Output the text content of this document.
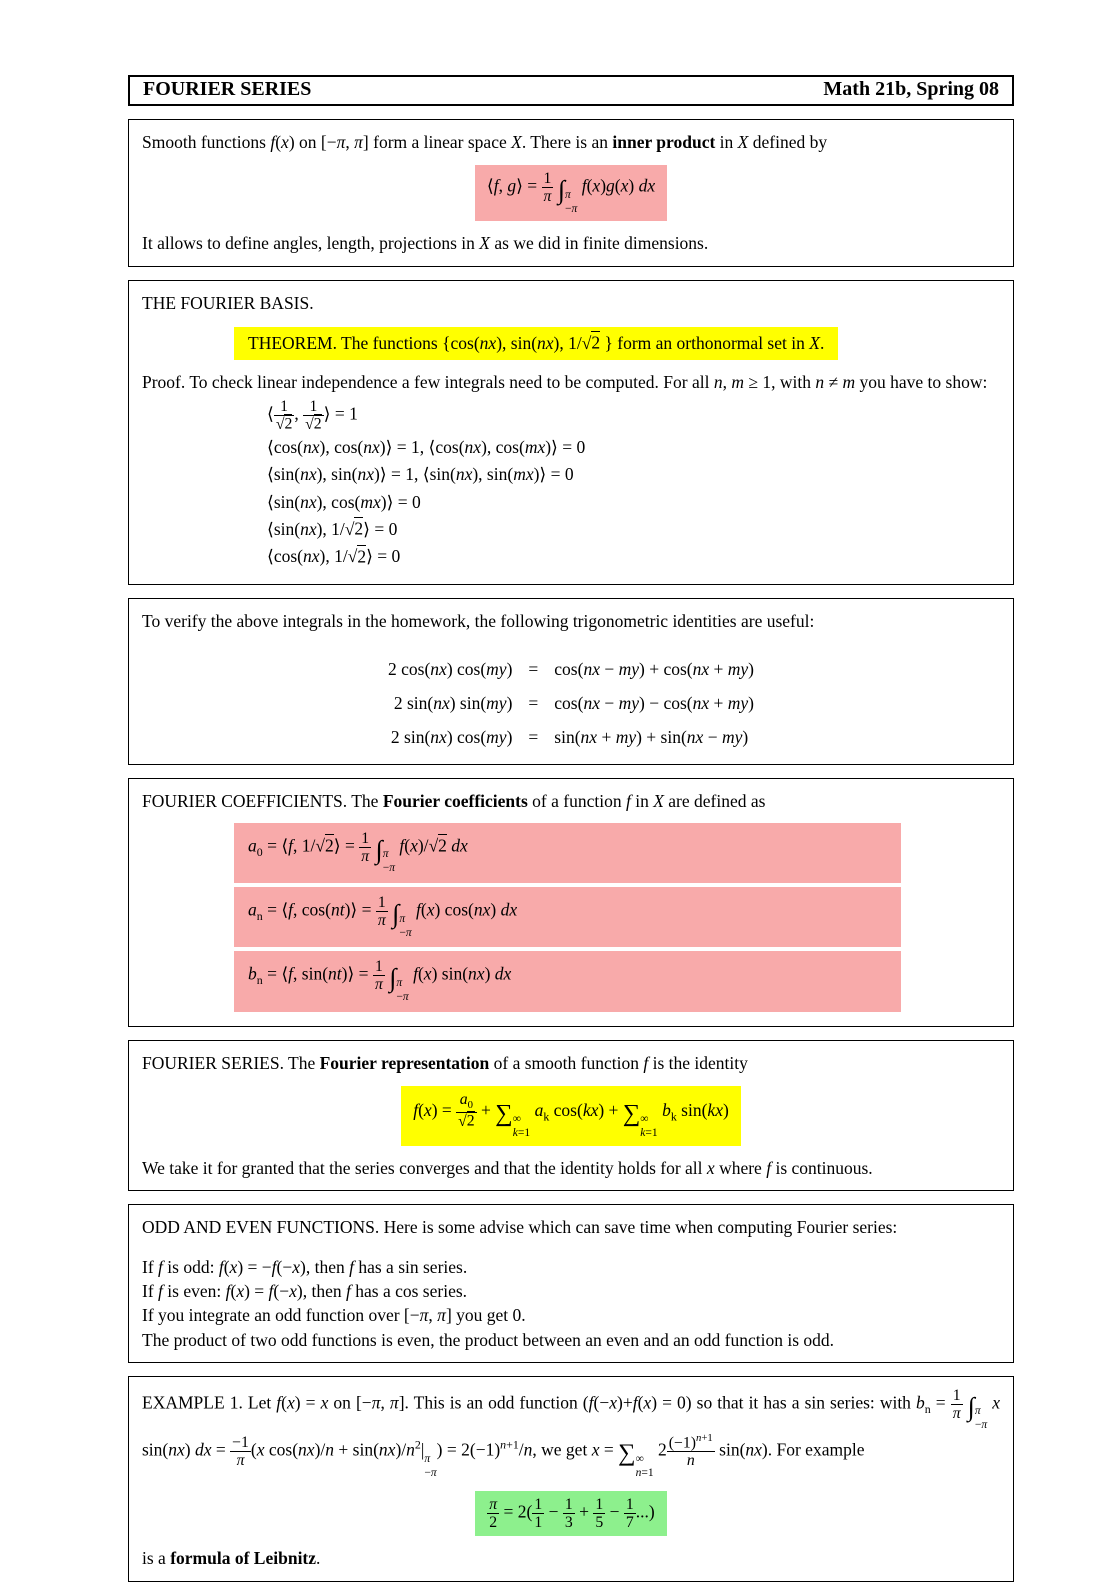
FOURIER SERIES	Math 21b, Spring 08

Smooth functions f(x) on [−π, π] form a linear space X. There is an inner product in X defined by

⟨f, g⟩ = $\frac{1}{\pi}$ ∫ π
−π
f(x)g(x) dx

It allows to define angles, length, projections in X as we did in finite dimensions.

THE FOURIER BASIS.

THEOREM. The functions {cos(nx), sin(nx), 1/√2 } form an orthonormal set in X.

Proof. To check linear independence a few integrals need to be computed. For all n, m ≥ 1, with n ≠ m you have to show:

⟨ $\frac{1}{√2}$ , $\frac{1}{√2}$ ⟩ = 1
⟨cos(nx), cos(nx)⟩ = 1, ⟨cos(nx), cos(mx)⟩ = 0
⟨sin(nx), sin(nx)⟩ = 1, ⟨sin(nx), sin(mx)⟩ = 0
⟨sin(nx), cos(mx)⟩ = 0
⟨sin(nx), 1/√2⟩ = 0
⟨cos(nx), 1/√2⟩ = 0

To verify the above integrals in the homework, the following trigonometric identities are useful:

2 cos(nx) cos(my) = cos(nx − my) + cos(nx + my)
2 sin(nx) sin(my) = cos(nx − my) − cos(nx + my)
2 sin(nx) cos(my) = sin(nx + my) + sin(nx − my)

FOURIER COEFFICIENTS. The Fourier coefficients of a function f in X are defined as

$a_0$ = ⟨f, 1/√2⟩ = $\frac{1}{\pi}$ ∫ π
−π
f(x)/√2 dx
$a_n$ = ⟨f, cos(nt)⟩ = $\frac{1}{\pi}$ ∫ π
−π
f(x) cos(nx) dx
$b_n$ = ⟨f, sin(nt)⟩ = $\frac{1}{\pi}$ ∫ π
−π
f(x) sin(nx) dx

FOURIER SERIES. The Fourier representation of a smooth function f is the identity

$f(x) = \frac{a_0}{√2}$ + ∑ ∞
k=1
$a_k$ cos(kx) + ∑ ∞
k=1
$b_k$ sin(kx)

We take it for granted that the series converges and that the identity holds for all x where f is continuous.

ODD AND EVEN FUNCTIONS. Here is some advise which can save time when computing Fourier series:

If f is odd: f(x) = −f(−x), then f has a sin series.

If f is even: f(x) = f(−x), then f has a cos series.

If you integrate an odd function over [−π, π] you get 0.

The product of two odd functions is even, the product between an even and an odd function is odd.

EXAMPLE 1. Let f(x) = x on [−π, π]. This is an odd function (f(−x)+f(x) = 0) so that it has a sin series: with $b_n = \frac{1}{\pi}$ ∫ π
−π
x sin(nx) dx = $\frac{-1}{\pi} (x$ $\cos(nx)/n + \sin(nx)/n^2|$ π
−π
) = $2(-1)^{n+1}/n$, we get x = ∑ ∞
n=1
$2 \frac{(-1)^{n+1}}{n} \sin(nx)$. For example

$\frac{\pi}{2} = 2( \frac{1}{1} - \frac{1}{3} + \frac{1}{5} - \frac{1}{7}$ ...)

is a formula of Leibnitz.
